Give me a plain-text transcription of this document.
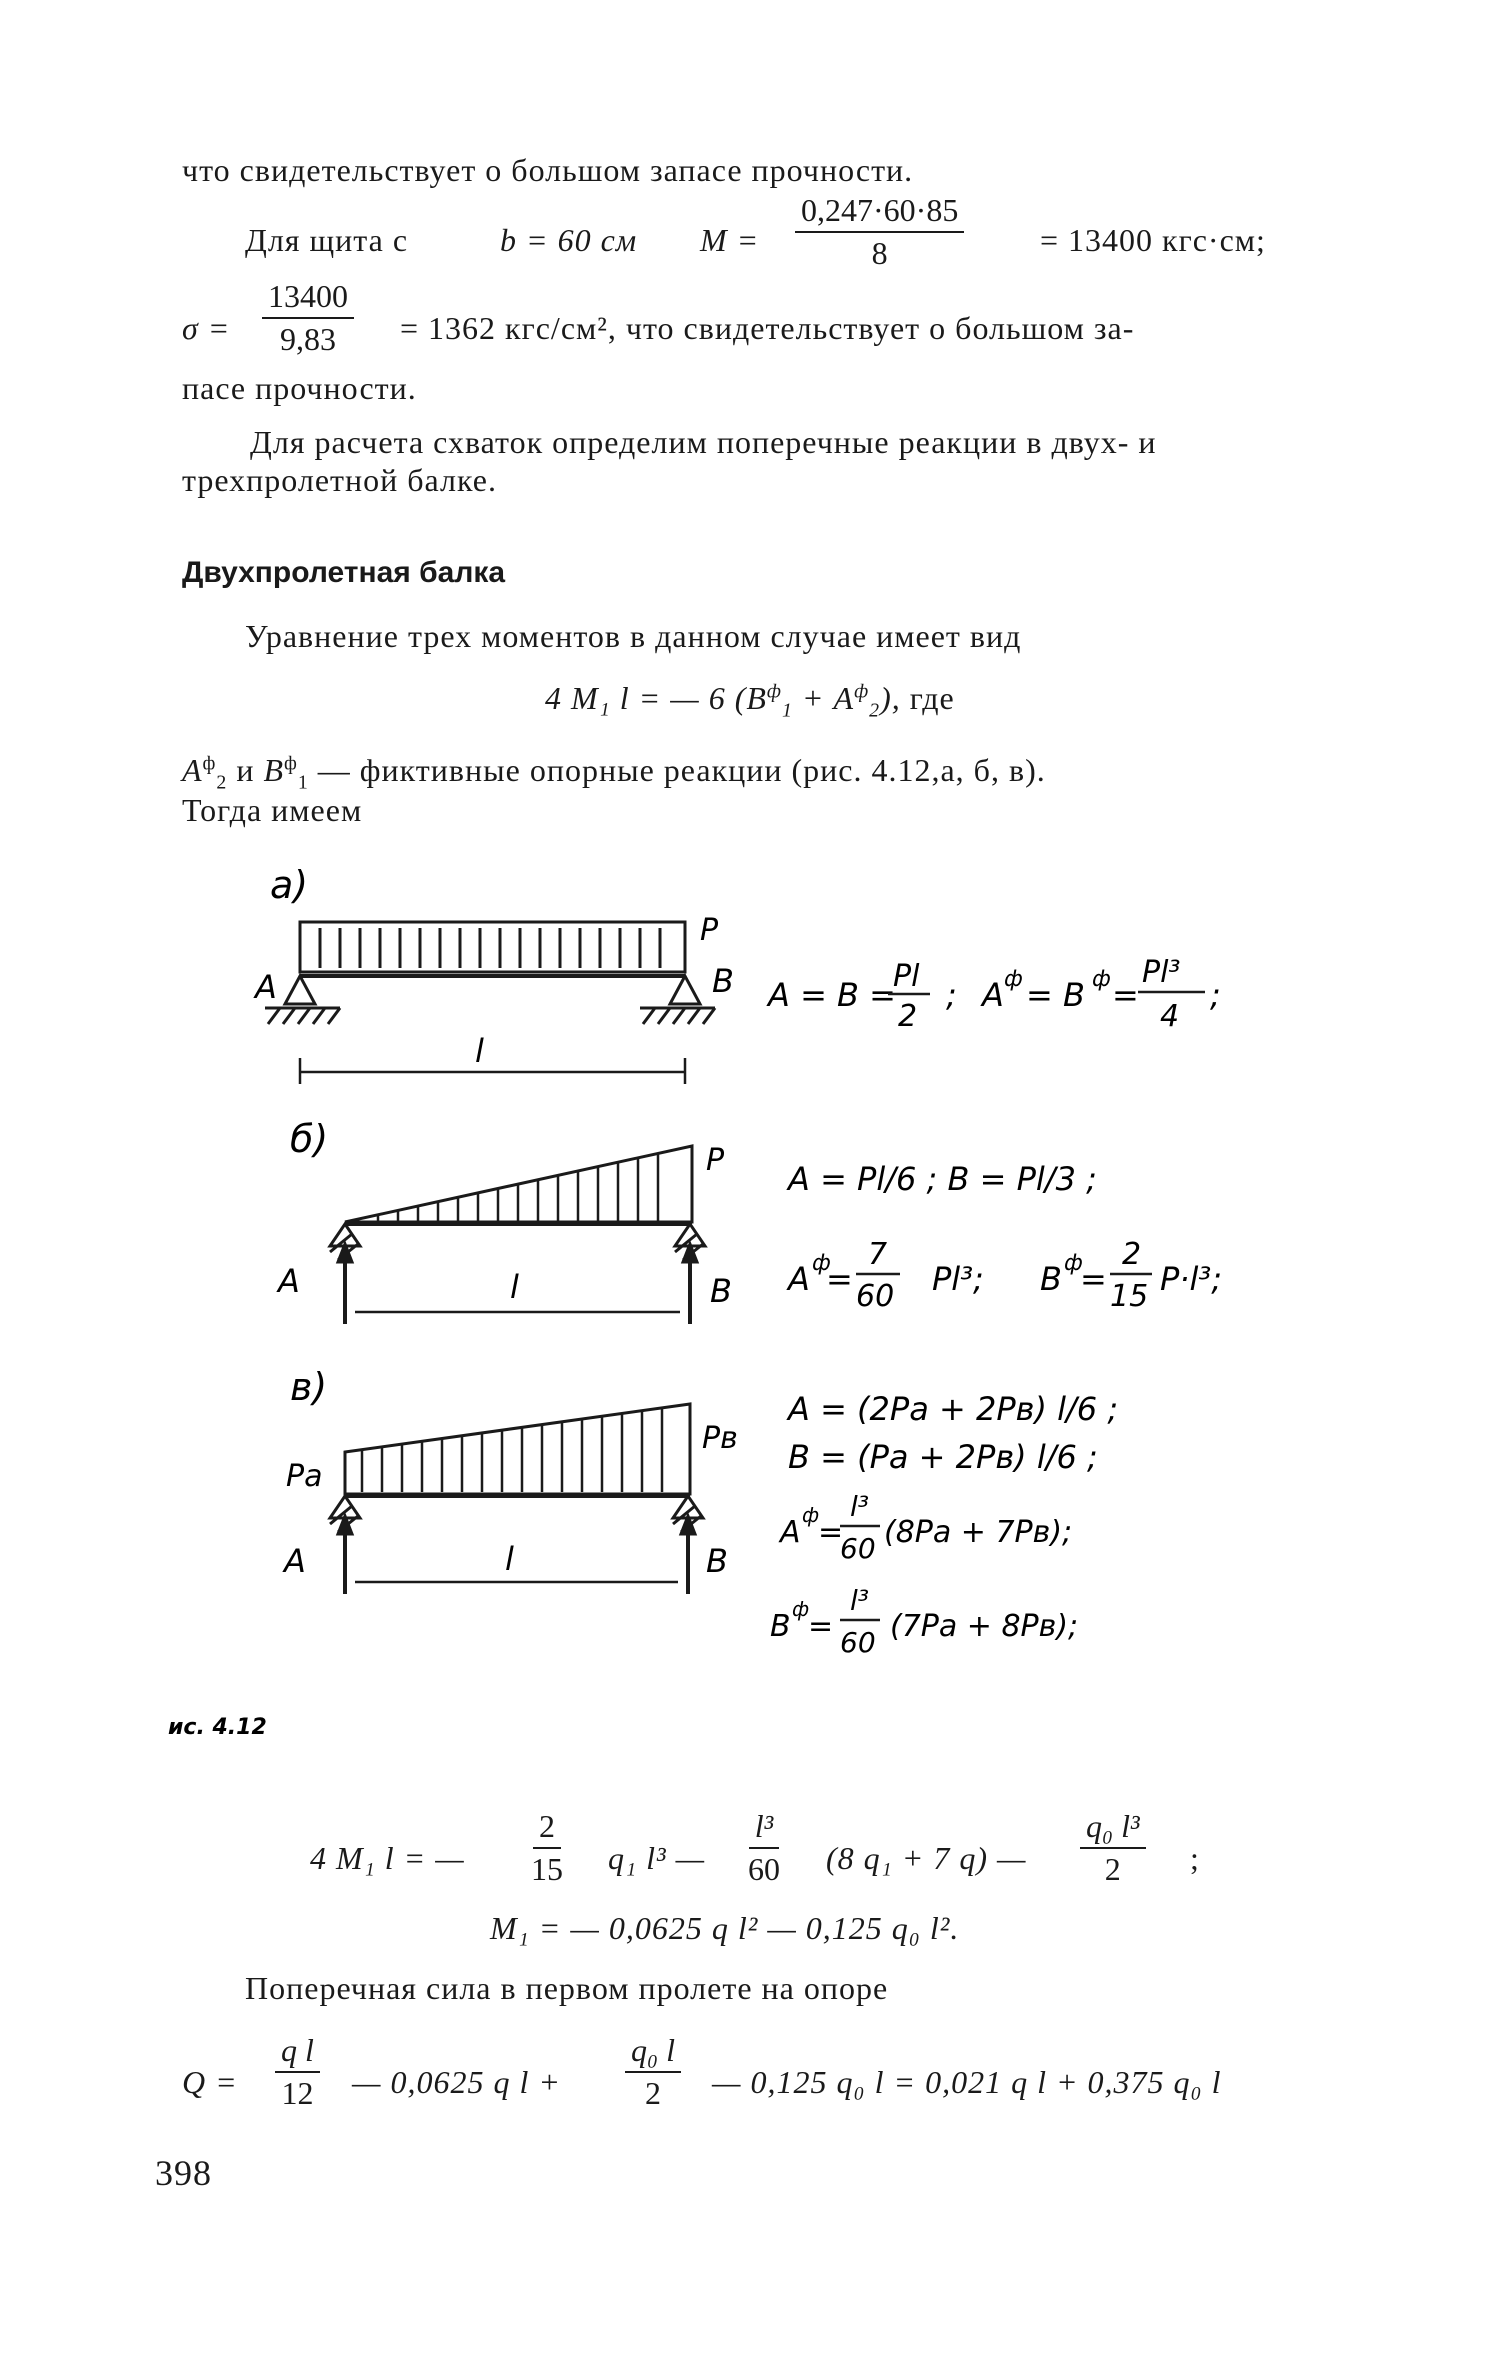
что свидетельствует о большом запасе прочности.
Для щита с	b = 60 см $M = \frac{0,247\cdot 60\cdot 85}{8} = 13400$ кгс·см;
$\sigma = \frac{13400}{9,83} = 1362$ кгс/см², что свидетельствует о большом за-
пасе прочности.
Для расчета схваток определим поперечные реакции в двух- и
трехпролетной балке.
Двухпролетная балка
Уравнение трех моментов в данном случае имеет вид
4 M₁ l = — 6 $(B^ф_1 + A^ф_2)$, где
$A^ф_2$ и $B^ф_1$ — фиктивные опорные реакции (рис. 4.12,а, б, в).
Тогда имеем
a)
P
A	B
l
A = B =
Pl
2
; A ф = B ф =
Pl³
4
;
б)	P
A	B
l
A = Pl/6 ; B = Pl/3 ;
A ф
=
7
60 Pl³; B ф
=
2
15 P·l³;
в)
Pa
Pв
A	B
l
A = (2Pa + 2Pв) l/6 ;
B = (Pa + 2Pв) l/6 ;
A ф
=
l³
60 (8Pa + 7Pв);
B ф
=
l³
60 (7Pa + 8Pв);
ис. 4.12
4 M₁ l = — $\frac{2}{15} q_1$ l³ — $\frac{\text{l³}}{60} (8$ q₁ + 7 q) — $\frac{\text{q₀ l³}}{2}$ ;
M₁ = — 0,0625 q l² — 0,125 q₀ l².
Поперечная сила в первом пролете на опоре
$Q = \frac{\text{q l}}{12}$ — 0,0625 q $l + \frac{\text{q₀ l}}{2}$ — 0,125 q₀ l = 0,021 q l + 0,375 q₀ l
398
